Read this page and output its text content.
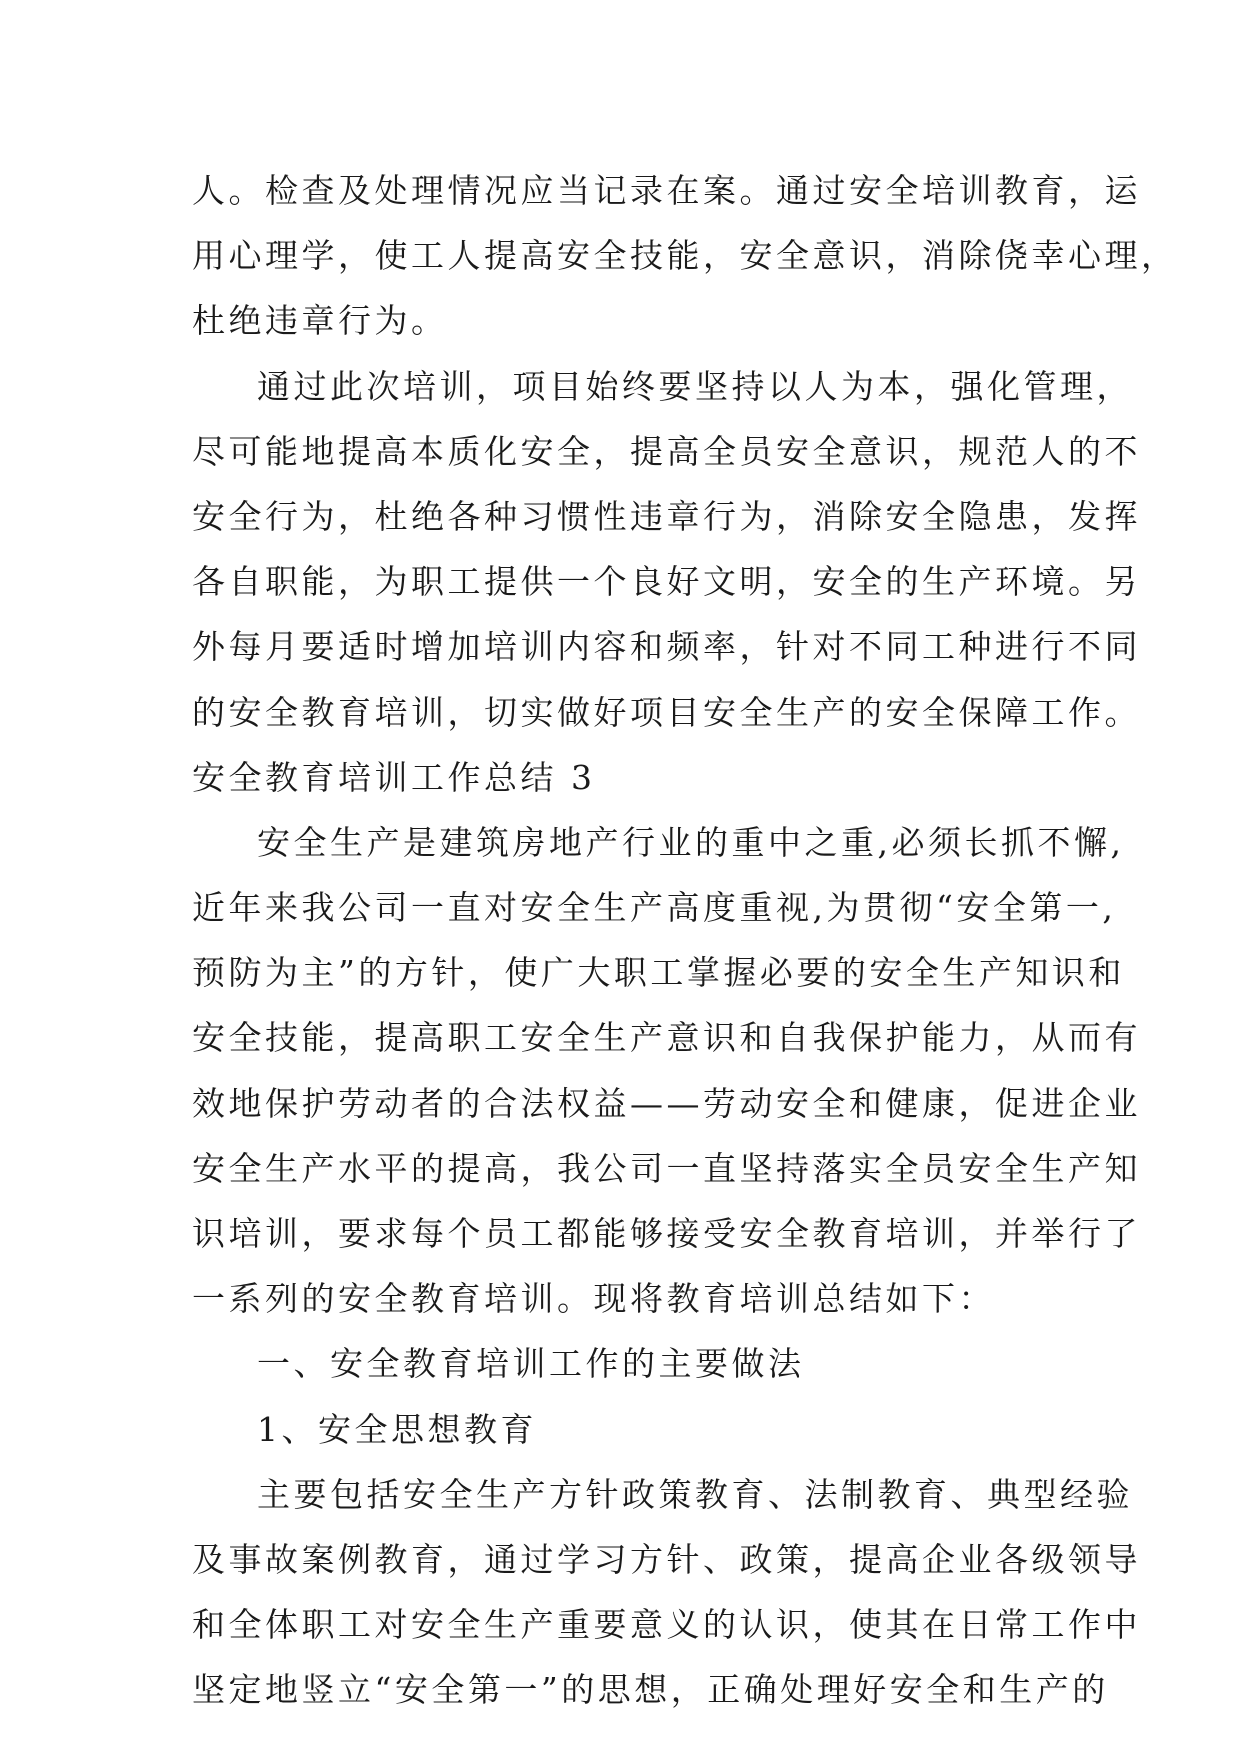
人。检查及处理情况应当记录在案。通过安全培训教育，运
用心理学，使工人提高安全技能，安全意识，消除侥幸心理，
杜绝违章行为。
通过此次培训，项目始终要坚持以人为本，强化管理，
尽可能地提高本质化安全，提高全员安全意识，规范人的不
安全行为，杜绝各种习惯性违章行为，消除安全隐患，发挥
各自职能，为职工提供一个良好文明，安全的生产环境。另
外每月要适时增加培训内容和频率，针对不同工种进行不同
的安全教育培训，切实做好项目安全生产的安全保障工作。
安全教育培训工作总结 3
安全生产是建筑房地产行业的重中之重,必须长抓不懈,
近年来我公司一直对安全生产高度重视,为贯彻“安全第一,
预防为主”的方针，使广大职工掌握必要的安全生产知识和
安全技能，提高职工安全生产意识和自我保护能力，从而有
效地保护劳动者的合法权益——劳动安全和健康，促进企业
安全生产水平的提高，我公司一直坚持落实全员安全生产知
识培训，要求每个员工都能够接受安全教育培训，并举行了
一系列的安全教育培训。现将教育培训总结如下：
一、安全教育培训工作的主要做法
1、安全思想教育
主要包括安全生产方针政策教育、法制教育、典型经验
及事故案例教育，通过学习方针、政策，提高企业各级领导
和全体职工对安全生产重要意义的认识，使其在日常工作中
坚定地竖立“安全第一”的思想，正确处理好安全和生产的
